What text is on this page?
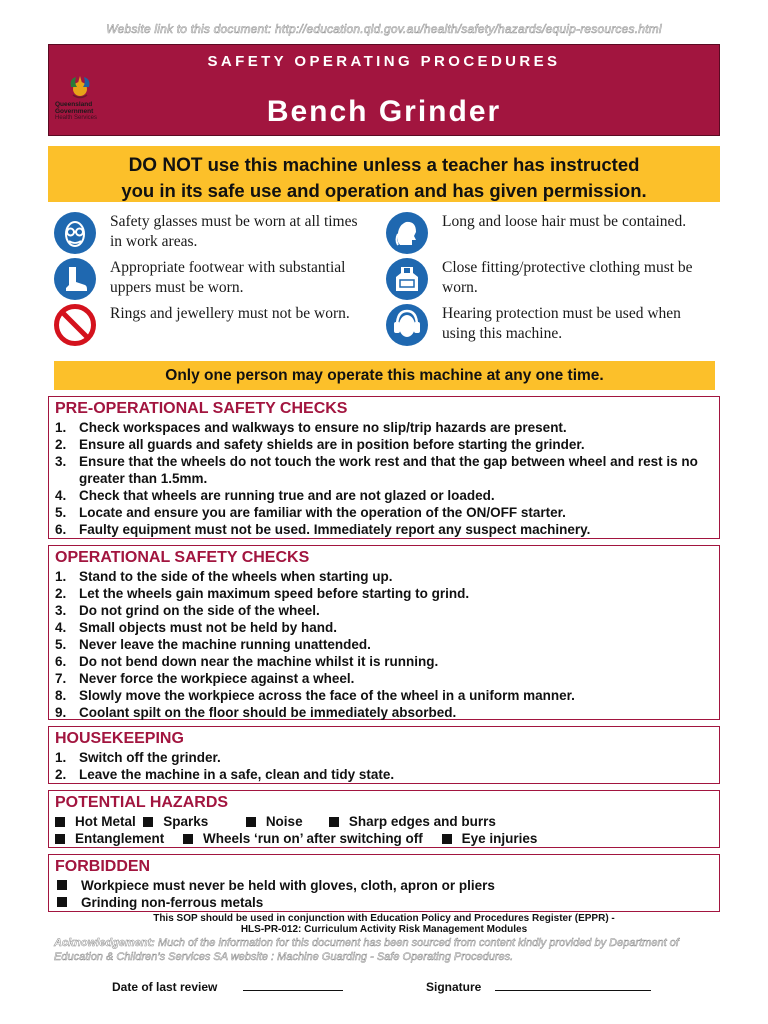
Website link to this document: http://education.qld.gov.au/health/safety/hazards/equip-resources.html
Queensland
Government
Health Services
SAFETY OPERATING PROCEDURES
Bench Grinder
DO NOT use this machine unless a teacher has instructed
you in its safe use and operation and has given permission.
Safety glasses must be worn at all times in work areas.
Appropriate footwear with substantial uppers must be worn.
Rings and jewellery must not be worn.
Long and loose hair must be contained.
Close fitting/protective clothing must be worn.
Hearing protection must be used when using this machine.
Only one person may operate this machine at any one time.
PRE-OPERATIONAL SAFETY CHECKS
1. Check workspaces and walkways to ensure no slip/trip hazards are present.
2. Ensure all guards and safety shields are in position before starting the grinder.
3. Ensure that the wheels do not touch the work rest and that the gap between wheel and rest is no greater than 1.5mm.
4. Check that wheels are running true and are not glazed or loaded.
5. Locate and ensure you are familiar with the operation of the ON/OFF starter.
6. Faulty equipment must not be used. Immediately report any suspect machinery.
OPERATIONAL SAFETY CHECKS
1. Stand to the side of the wheels when starting up.
2. Let the wheels gain maximum speed before starting to grind.
3. Do not grind on the side of the wheel.
4. Small objects must not be held by hand.
5. Never leave the machine running unattended.
6. Do not bend down near the machine whilst it is running.
7. Never force the workpiece against a wheel.
8. Slowly move the workpiece across the face of the wheel in a uniform manner.
9. Coolant spilt on the floor should be immediately absorbed.
HOUSEKEEPING
1. Switch off the grinder.
2. Leave the machine in a safe, clean and tidy state.
POTENTIAL HAZARDS
Hot Metal Sparks	Noise	Sharp edges and burrs
Entanglement	Wheels ‘run on’ after switching off	Eye injuries
FORBIDDEN
Workpiece must never be held with gloves, cloth, apron or pliers
Grinding non-ferrous metals
This SOP should be used in conjunction with Education Policy and Procedures Register (EPPR) -
HLS-PR-012: Curriculum Activity Risk Management Modules
Acknowledgement: Much of the information for this document has been sourced from content kindly provided by Department of Education & Children’s Services SA website : Machine Guarding - Safe Operating Procedures.
Date of last review	Signature
